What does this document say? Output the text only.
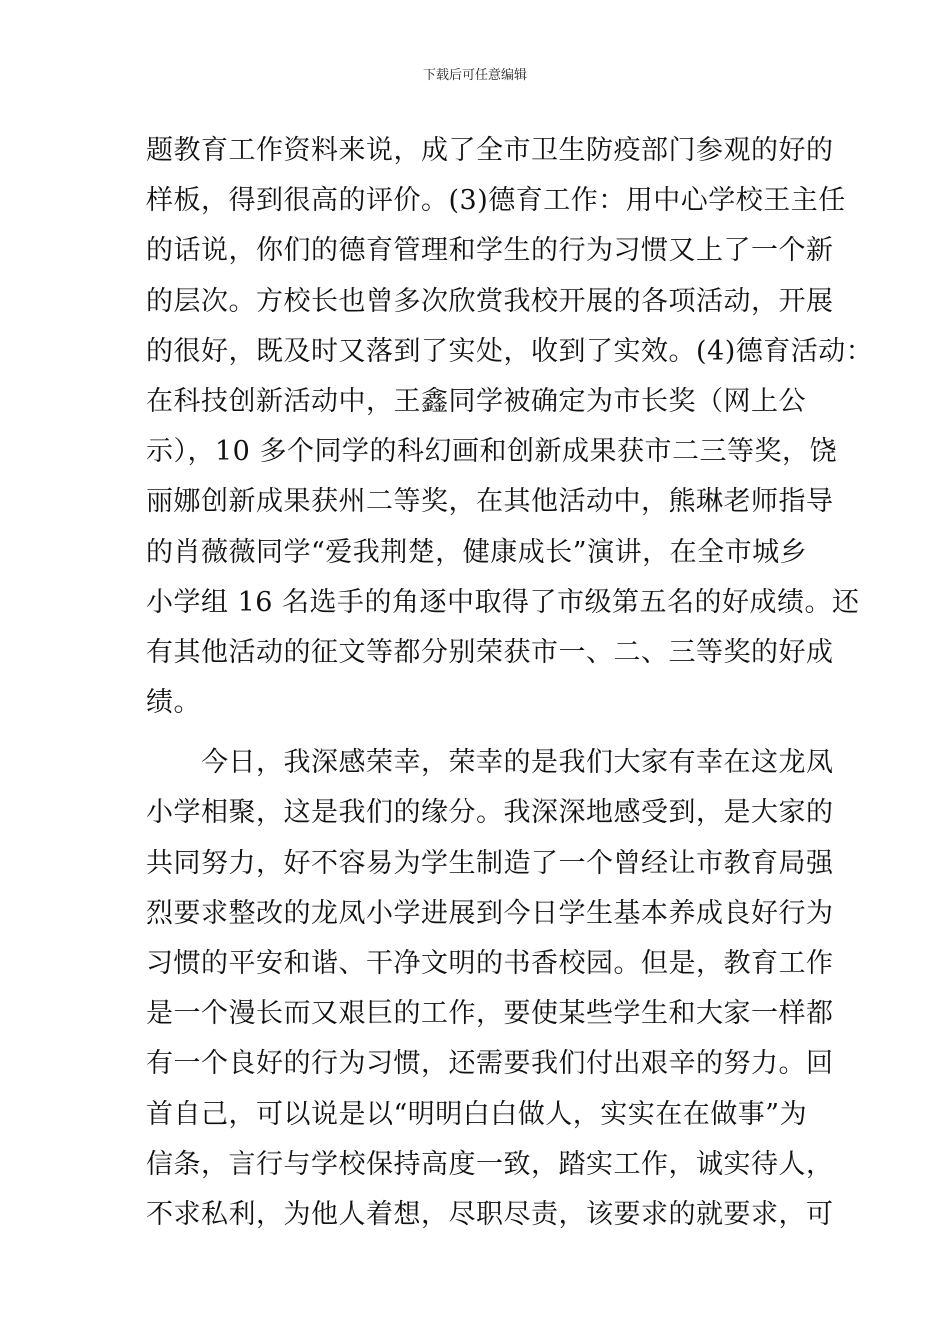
下载后可任意编辑
题教育工作资料来说，成了全市卫生防疫部门参观的好的
样板，得到很高的评价。(3)德育工作：用中心学校王主任
的话说，你们的德育管理和学生的行为习惯又上了一个新
的层次。方校长也曾多次欣赏我校开展的各项活动，开展
的很好，既及时又落到了实处，收到了实效。(4)德育活动：
在科技创新活动中，王鑫同学被确定为市长奖（网上公
示），10 多个同学的科幻画和创新成果获市二三等奖，饶
丽娜创新成果获州二等奖，在其他活动中，熊琳老师指导
的肖薇薇同学“爱我荆楚，健康成长”演讲，在全市城乡
小学组 16 名选手的角逐中取得了市级第五名的好成绩。还
有其他活动的征文等都分别荣获市一、二、三等奖的好成
绩。
今日，我深感荣幸，荣幸的是我们大家有幸在这龙凤
小学相聚，这是我们的缘分。我深深地感受到，是大家的
共同努力，好不容易为学生制造了一个曾经让市教育局强
烈要求整改的龙凤小学进展到今日学生基本养成良好行为
习惯的平安和谐、干净文明的书香校园。但是，教育工作
是一个漫长而又艰巨的工作，要使某些学生和大家一样都
有一个良好的行为习惯，还需要我们付出艰辛的努力。回
首自己，可以说是以“明明白白做人，实实在在做事”为
信条，言行与学校保持高度一致，踏实工作，诚实待人，
不求私利，为他人着想，尽职尽责，该要求的就要求，可
